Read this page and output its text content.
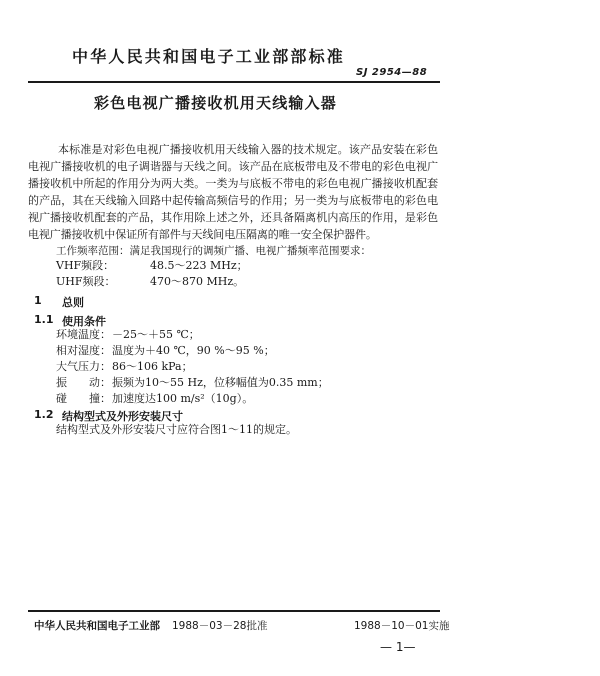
中华人民共和国电子工业部部标准
SJ 2954—88
彩色电视广播接收机用天线输入器
本标准是对彩色电视广播接收机用天线输入器的技术规定。该产品安装在彩色电视广播接收机的电子调谐器与天线之间。该产品在底板带电及不带电的彩色电视广播接收机中所起的作用分为两大类。一类为与底板不带电的彩色电视广播接收机配套的产品，其在天线输入回路中起传输高频信号的作用；另一类为与底板带电的彩色电视广播接收机配套的产品，其作用除上述之外，还具备隔离机内高压的作用，是彩色电视广播接收机中保证所有部件与天线间电压隔离的唯一安全保护器件。
工作频率范围：满足我国现行的调频广播、电视广播频率范围要求：
VHF频段：	48.5～223 MHz；
UHF频段：	470～870 MHz。
1 总则
1.1 使用条件
环境温度： －25～＋55 ℃；
相对湿度： 温度为＋40 ℃，90 %～95 %；
大气压力： 86～106 kPa；
振　　动： 振频为10～55 Hz，位移幅值为0.35 mm；
碰　　撞： 加速度达100 m/s²（10g）。
1.2 结构型式及外形安装尺寸
结构型式及外形安装尺寸应符合图1～11的规定。
中华人民共和国电子工业部 1988－03－28批准	1988－10－01实施
— 1—
